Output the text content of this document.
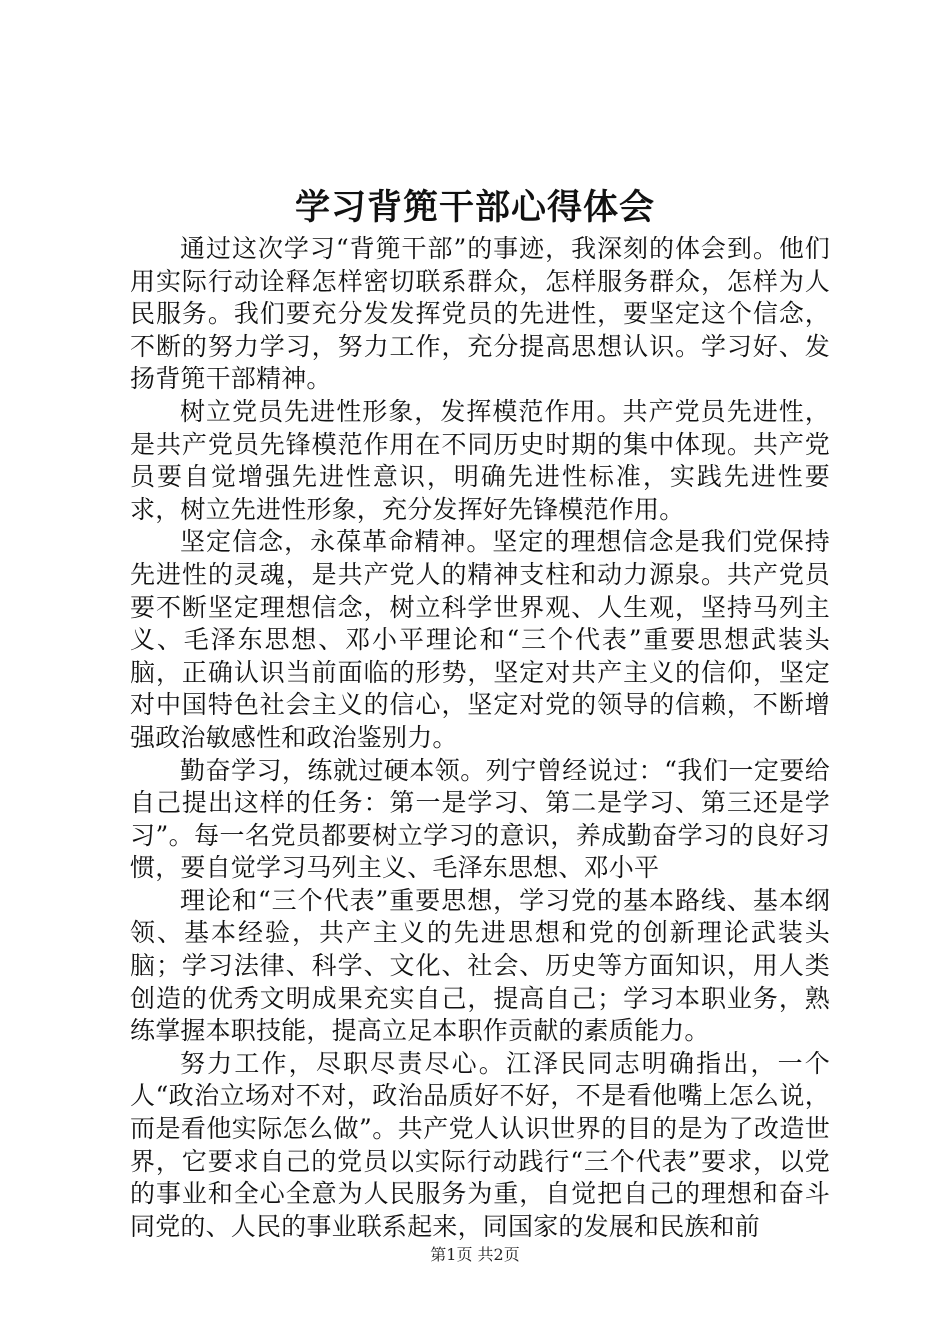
学习背篼干部心得体会

通过这次学习“背篼干部”的事迹，我深刻的体会到。他们用实际行动诠释怎样密切联系群众，怎样服务群众，怎样为人民服务。我们要充分发发挥党员的先进性，要坚定这个信念，不断的努力学习，努力工作，充分提高思想认识。学习好、发扬背篼干部精神。

树立党员先进性形象，发挥模范作用。共产党员先进性，是共产党员先锋模范作用在不同历史时期的集中体现。共产党员要自觉增强先进性意识，明确先进性标准，实践先进性要求，树立先进性形象，充分发挥好先锋模范作用。

坚定信念，永葆革命精神。坚定的理想信念是我们党保持先进性的灵魂，是共产党人的精神支柱和动力源泉。共产党员要不断坚定理想信念，树立科学世界观、人生观，坚持马列主义、毛泽东思想、邓小平理论和“三个代表”重要思想武装头脑，正确认识当前面临的形势，坚定对共产主义的信仰，坚定对中国特色社会主义的信心，坚定对党的领导的信赖，不断增强政治敏感性和政治鉴别力。

勤奋学习，练就过硬本领。列宁曾经说过：“我们一定要给自己提出这样的任务：第一是学习、第二是学习、第三还是学习”。每一名党员都要树立学习的意识，养成勤奋学习的良好习惯，要自觉学习马列主义、毛泽东思想、邓小平

理论和“三个代表”重要思想，学习党的基本路线、基本纲领、基本经验，共产主义的先进思想和党的创新理论武装头脑；学习法律、科学、文化、社会、历史等方面知识，用人类创造的优秀文明成果充实自己，提高自己；学习本职业务，熟练掌握本职技能，提高立足本职作贡献的素质能力。

努力工作，尽职尽责尽心。江泽民同志明确指出，一个人“政治立场对不对，政治品质好不好，不是看他嘴上怎么说，而是看他实际怎么做”。共产党人认识世界的目的是为了改造世界，它要求自己的党员以实际行动践行“三个代表”要求，以党的事业和全心全意为人民服务为重，自觉把自己的理想和奋斗同党的、人民的事业联系起来，同国家的发展和民族和前

第1页 共2页
